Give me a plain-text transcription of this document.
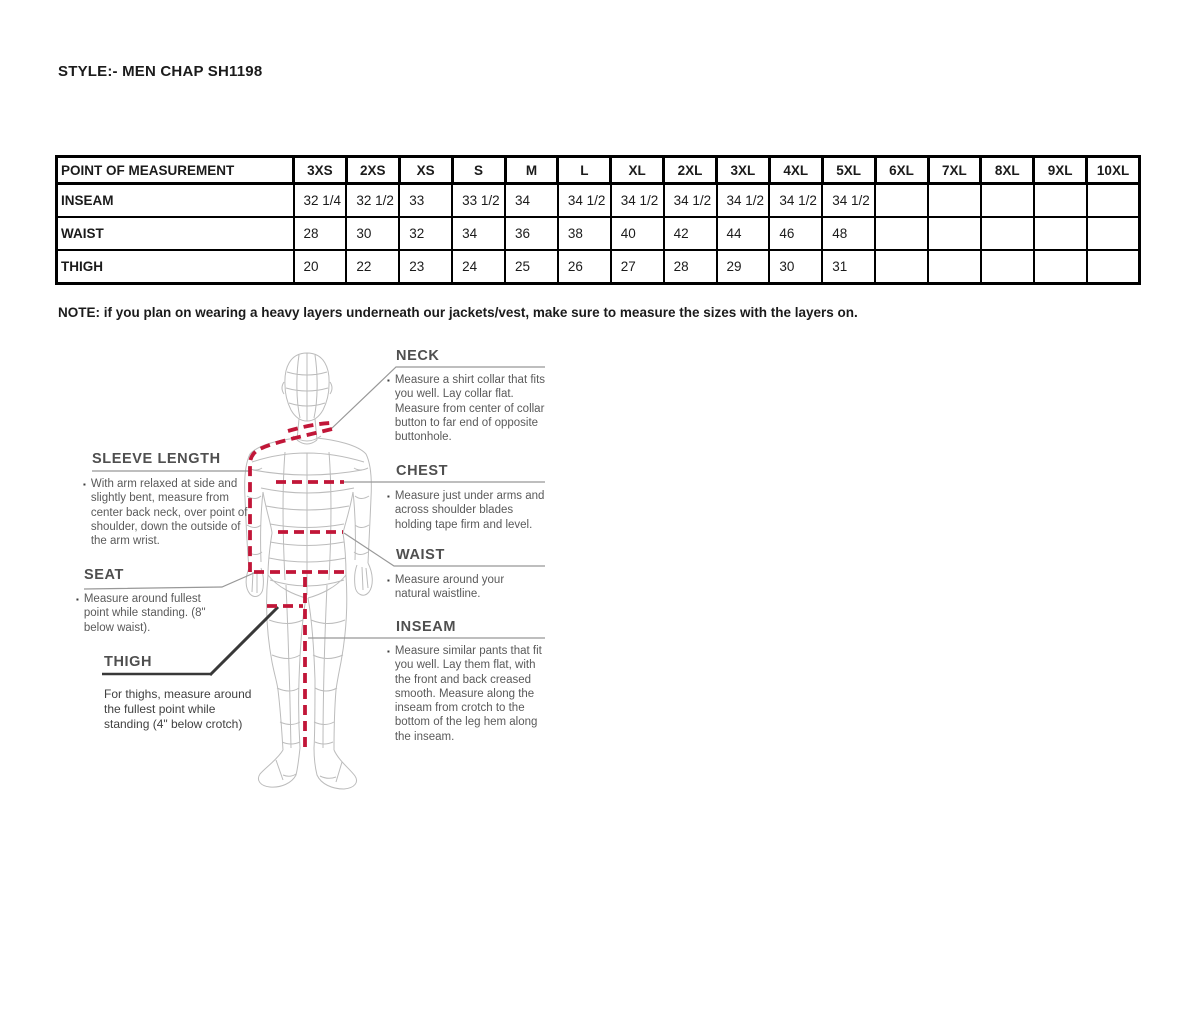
STYLE:- MEN CHAP SH1198
POINT OF MEASUREMENT	3XS	2XS	XS	S	M	L	XL	2XL	3XL	4XL	5XL	6XL	7XL	8XL	9XL	10XL
INSEAM	32 1/4	32 1/2	33	33 1/2	34	34 1/2	34 1/2	34 1/2	34 1/2	34 1/2	34 1/2					
WAIST	28	30	32	34	36	38	40	42	44	46	48					
THIGH	20	22	23	24	25	26	27	28	29	30	31					
NOTE: if you plan on wearing a heavy layers underneath our jackets/vest, make sure to measure the sizes with the layers on.
SLEEVE LENGTH
▪ With arm relaxed at side and slightly bent, measure from center back neck, over point of shoulder, down the outside of the arm wrist.
SEAT
▪ Measure around fullest point while standing. (8" below waist).
THIGH
For thighs, measure around the fullest point while standing (4" below crotch)
NECK
▪ Measure a shirt collar that fits you well. Lay collar flat. Measure from center of collar button to far end of opposite buttonhole.
CHEST
▪ Measure just under arms and across shoulder blades holding tape firm and level.
WAIST
▪ Measure around your natural waistline.
INSEAM
▪ Measure similar pants that fit you well. Lay them flat, with the front and back creased smooth. Measure along the inseam from crotch to the bottom of the leg hem along the inseam.
